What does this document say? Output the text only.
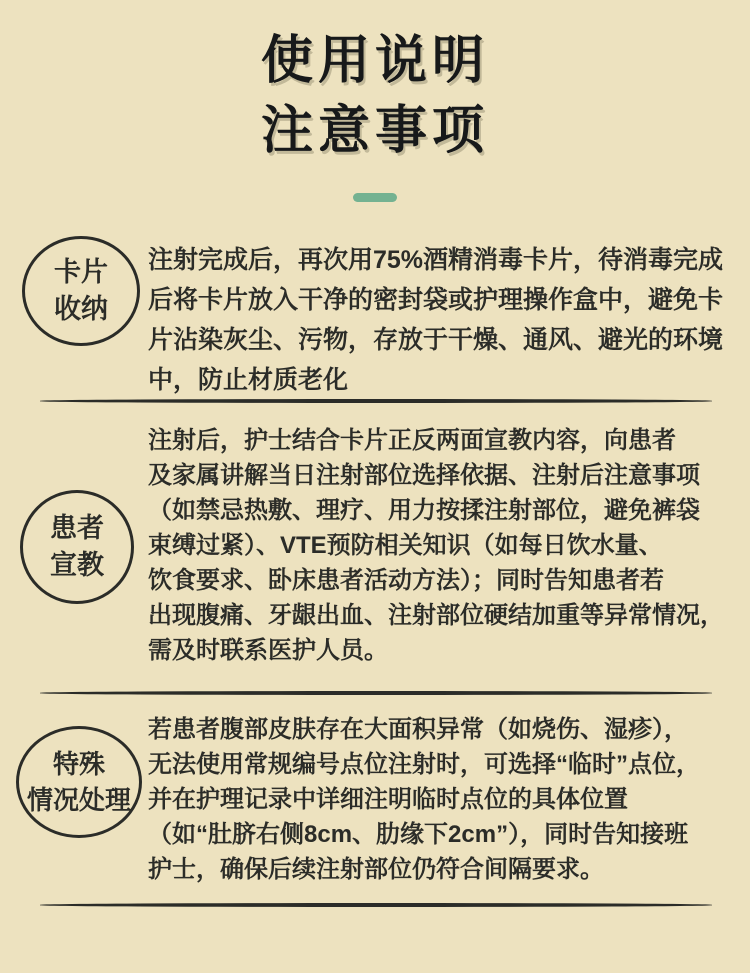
使用说明
注意事项
卡片
收纳
注射完成后，再次用75%酒精消毒卡片，待消毒完成
后将卡片放入干净的密封袋或护理操作盒中，避免卡
片沾染灰尘、污物，存放于干燥、通风、避光的环境
中，防止材质老化
患者
宣教
注射后，护士结合卡片正反两面宣教内容，向患者
及家属讲解当日注射部位选择依据、注射后注意事项
（如禁忌热敷、理疗、用力按揉注射部位，避免裤袋
束缚过紧）、VTE预防相关知识（如每日饮水量、
饮食要求、卧床患者活动方法）；同时告知患者若
出现腹痛、牙龈出血、注射部位硬结加重等异常情况，
需及时联系医护人员。
特殊
情况处理
若患者腹部皮肤存在大面积异常（如烧伤、湿疹），
无法使用常规编号点位注射时，可选择“临时”点位，
并在护理记录中详细注明临时点位的具体位置
（如“肚脐右侧8cm、肋缘下2cm”），同时告知接班
护士，确保后续注射部位仍符合间隔要求。
